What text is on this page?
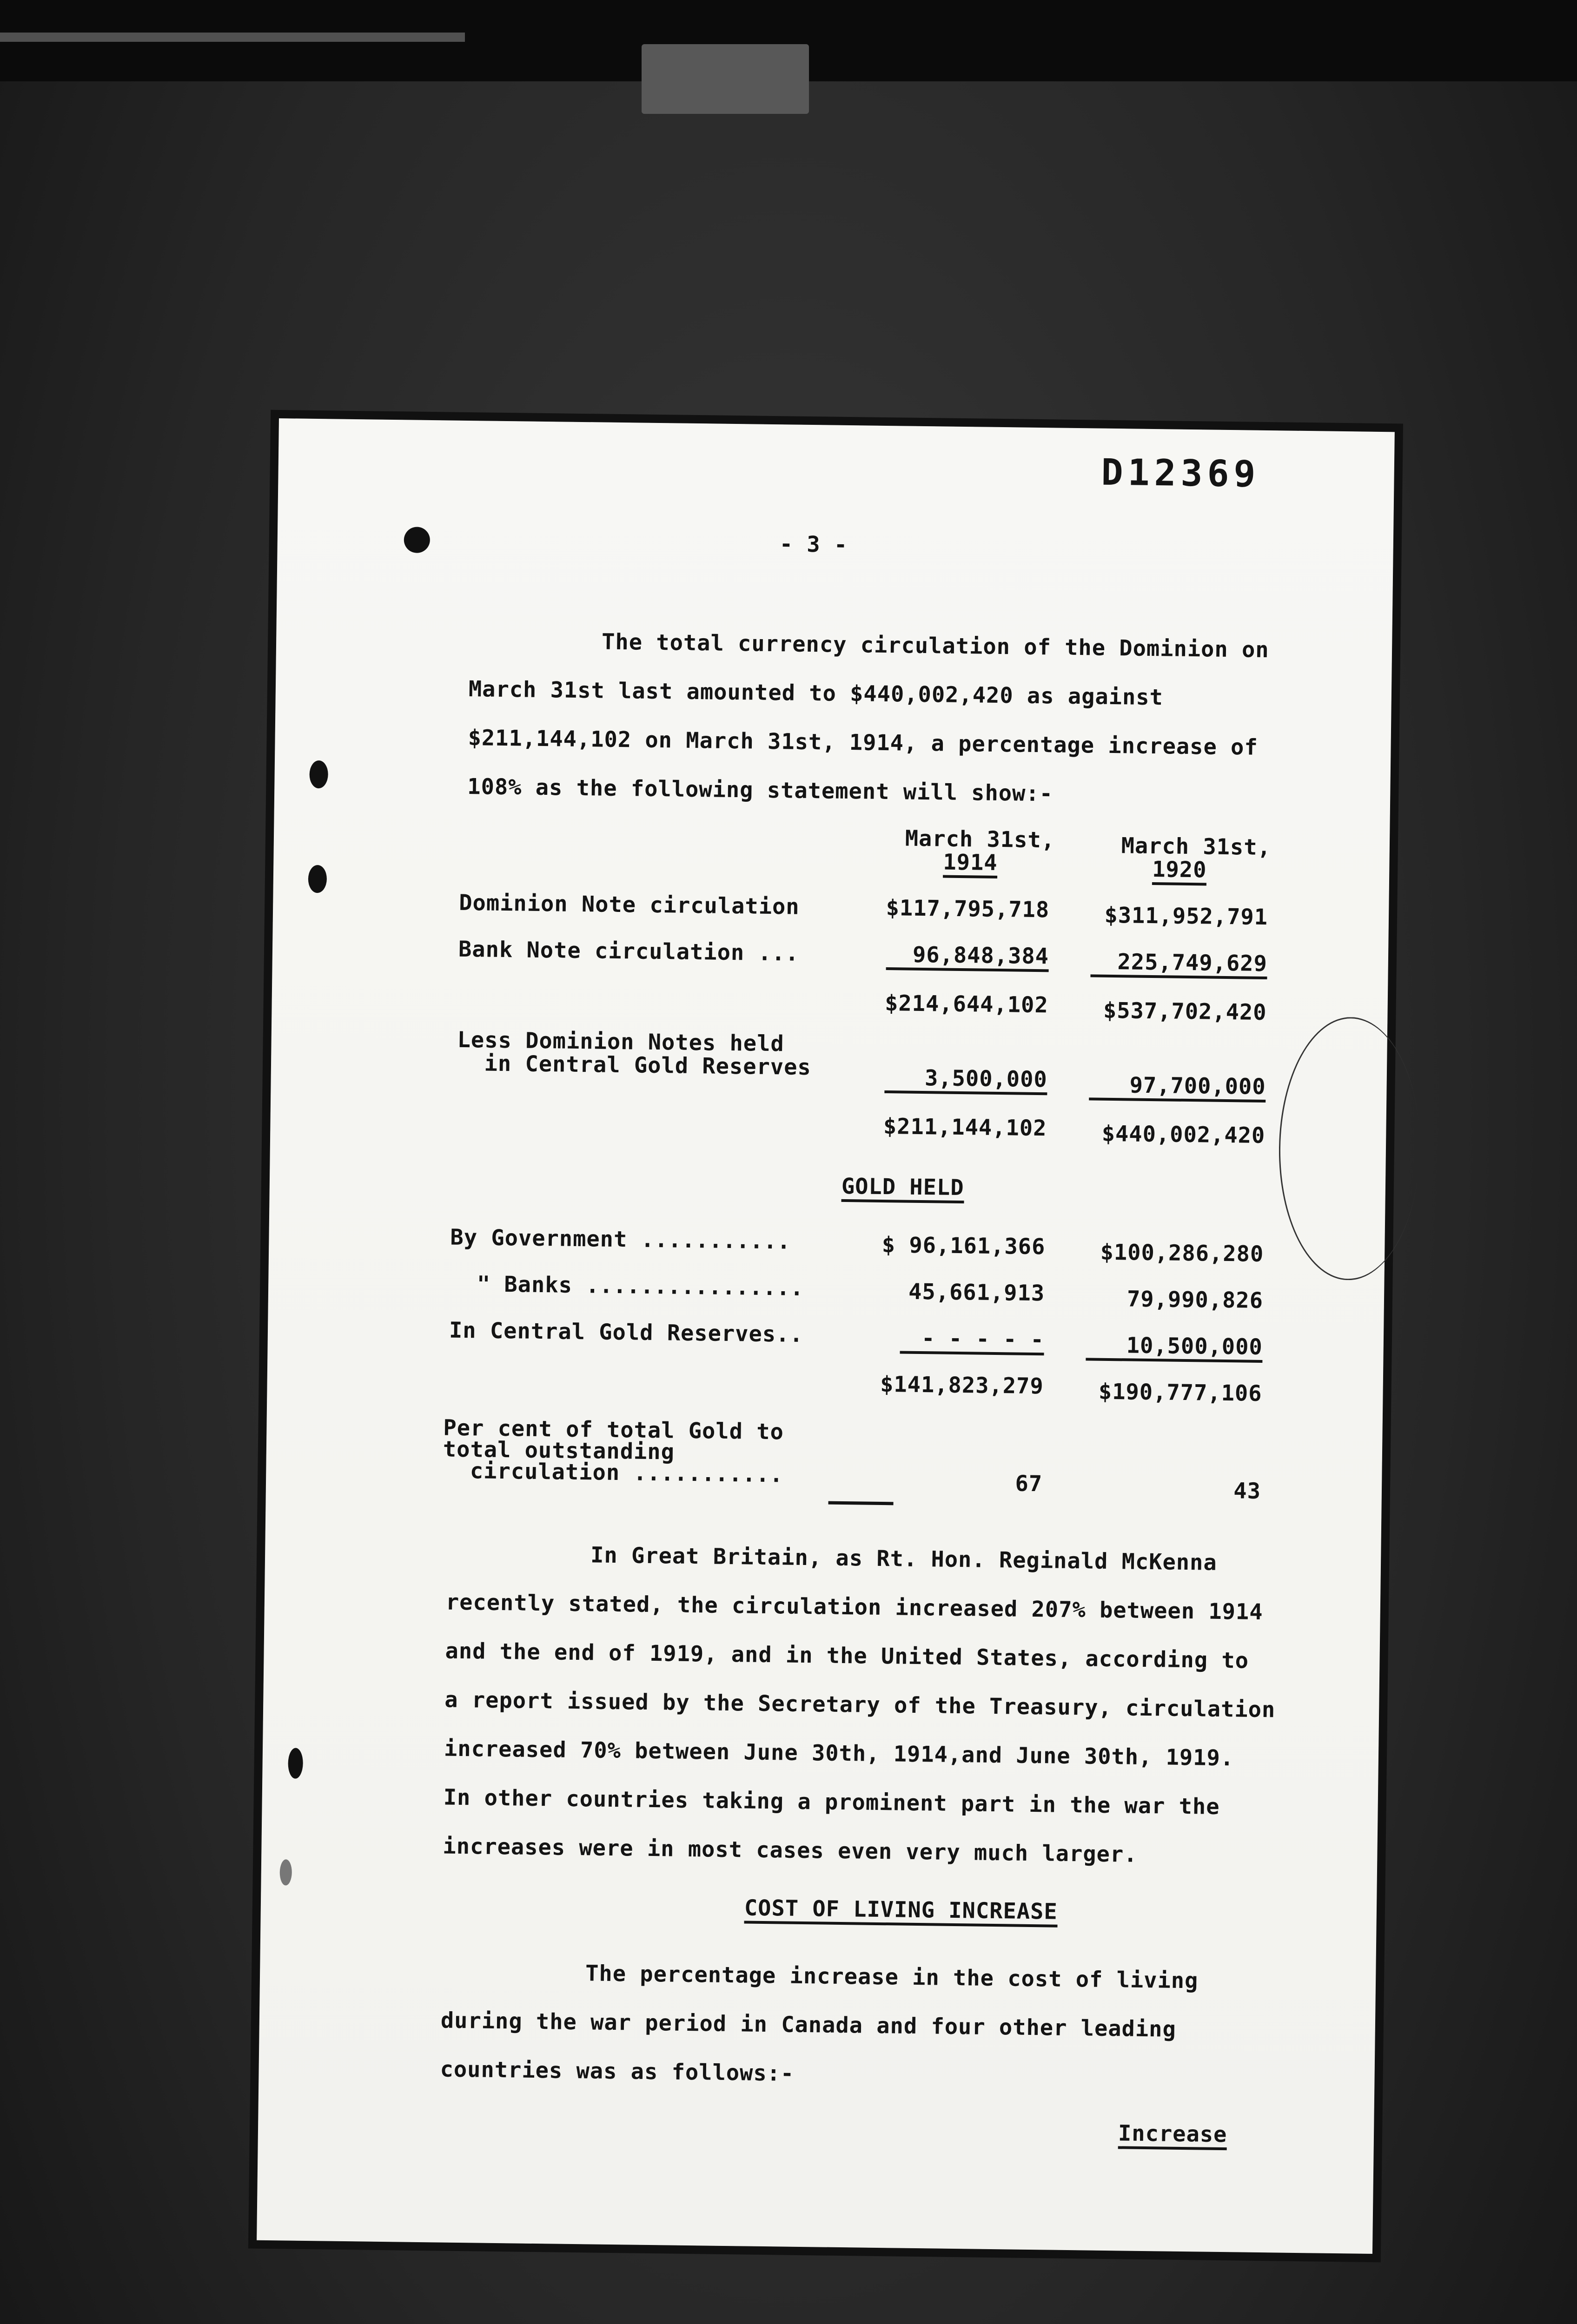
D12369
- 3 -
The total currency circulation of the Dominion on
March 31st last amounted to $440,002,420 as against
$211,144,102 on March 31st, 1914, a percentage increase of
108% as the following statement will show:-
March 31st,
1914
March 31st,
1920
Dominion Note circulation	$117,795,718	$311,952,791
Bank Note circulation ...	96,848,384	225,749,629
$214,644,102	$537,702,420
Less Dominion Notes held
in Central Gold Reserves	3,500,000	97,700,000
$211,144,102	$440,002,420
GOLD HELD
By Government ...........	$ 96,161,366	$100,286,280
" Banks ................	45,661,913	79,990,826
In Central Gold Reserves..	- - - - -	10,500,000
$141,823,279	$190,777,106
Per cent of total Gold to
total outstanding
circulation ...........	67	43
In Great Britain, as Rt. Hon. Reginald McKenna
recently stated, the circulation increased 207% between 1914
and the end of 1919, and in the United States, according to
a report issued by the Secretary of the Treasury, circulation
increased 70% between June 30th, 1914,and June 30th, 1919.
In other countries taking a prominent part in the war the
increases were in most cases even very much larger.
COST OF LIVING INCREASE
The percentage increase in the cost of living
during the war period in Canada and four other leading
countries was as follows:-
Increase
